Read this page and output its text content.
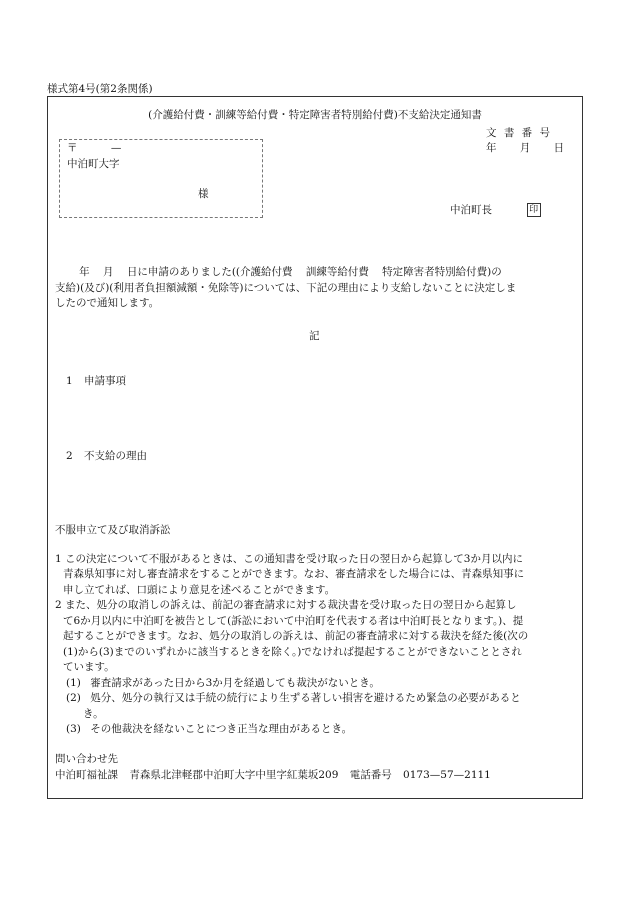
様式第4号(第2条関係)
(介護給付費・訓練等給付費・特定障害者特別給付費)不支給決定通知書
文 書 番 号
年 月 日
〒 —
中泊町大字
様
中泊町長	印
年 月 日に申請のありました((介護給付費 訓練等給付費 特定障害者特別給付費)の
支給)(及び)(利用者負担額減額・免除等)については、下記の理由により支給しないことに決定しま
したので通知します。
記
1 申請事項
2 不支給の理由
不服申立て及び取消訴訟
1 この決定について不服があるときは、この通知書を受け取った日の翌日から起算して3か月以内に
青森県知事に対し審査請求をすることができます。なお、審査請求をした場合には、青森県知事に
申し立てれば、口頭により意見を述べることができます。
2 また、処分の取消しの訴えは、前記の審査請求に対する裁決書を受け取った日の翌日から起算し
て6か月以内に中泊町を被告として(訴訟において中泊町を代表する者は中泊町長となります。)、提
起することができます。なお、処分の取消しの訴えは、前記の審査請求に対する裁決を経た後(次の
(1)から(3)までのいずれかに該当するときを除く。)でなければ提起することができないこととされ
ています。
(1) 審査請求があった日から3か月を経過しても裁決がないとき。
(2) 処分、処分の執行又は手続の続行により生ずる著しい損害を避けるため緊急の必要があると
き。
(3) その他裁決を経ないことにつき正当な理由があるとき。
問い合わせ先
中泊町福祉課 青森県北津軽郡中泊町大字中里字紅葉坂209 電話番号 0173—57—2111
